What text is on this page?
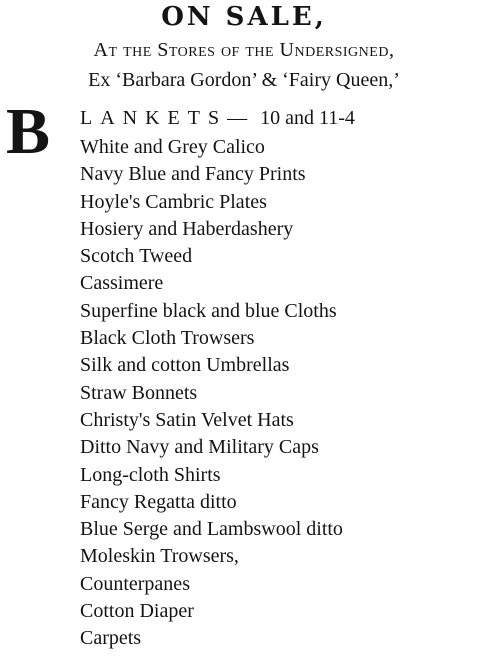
ON SALE,
At the Stores of the Undersigned,
Ex ‘Barbara Gordon’ & ‘Fairy Queen,’
B LANKETS— 10 and 11-4
White and Grey Calico
Navy Blue and Fancy Prints
Hoyle's Cambric Plates
Hosiery and Haberdashery
Scotch Tweed
Cassimere
Superfine black and blue Cloths
Black Cloth Trowsers
Silk and cotton Umbrellas
Straw Bonnets
Christy's Satin Velvet Hats
Ditto Navy and Military Caps
Long-cloth Shirts
Fancy Regatta ditto
Blue Serge and Lambswool ditto
Moleskin Trowsers,
Counterpanes
Cotton Diaper
Carpets
